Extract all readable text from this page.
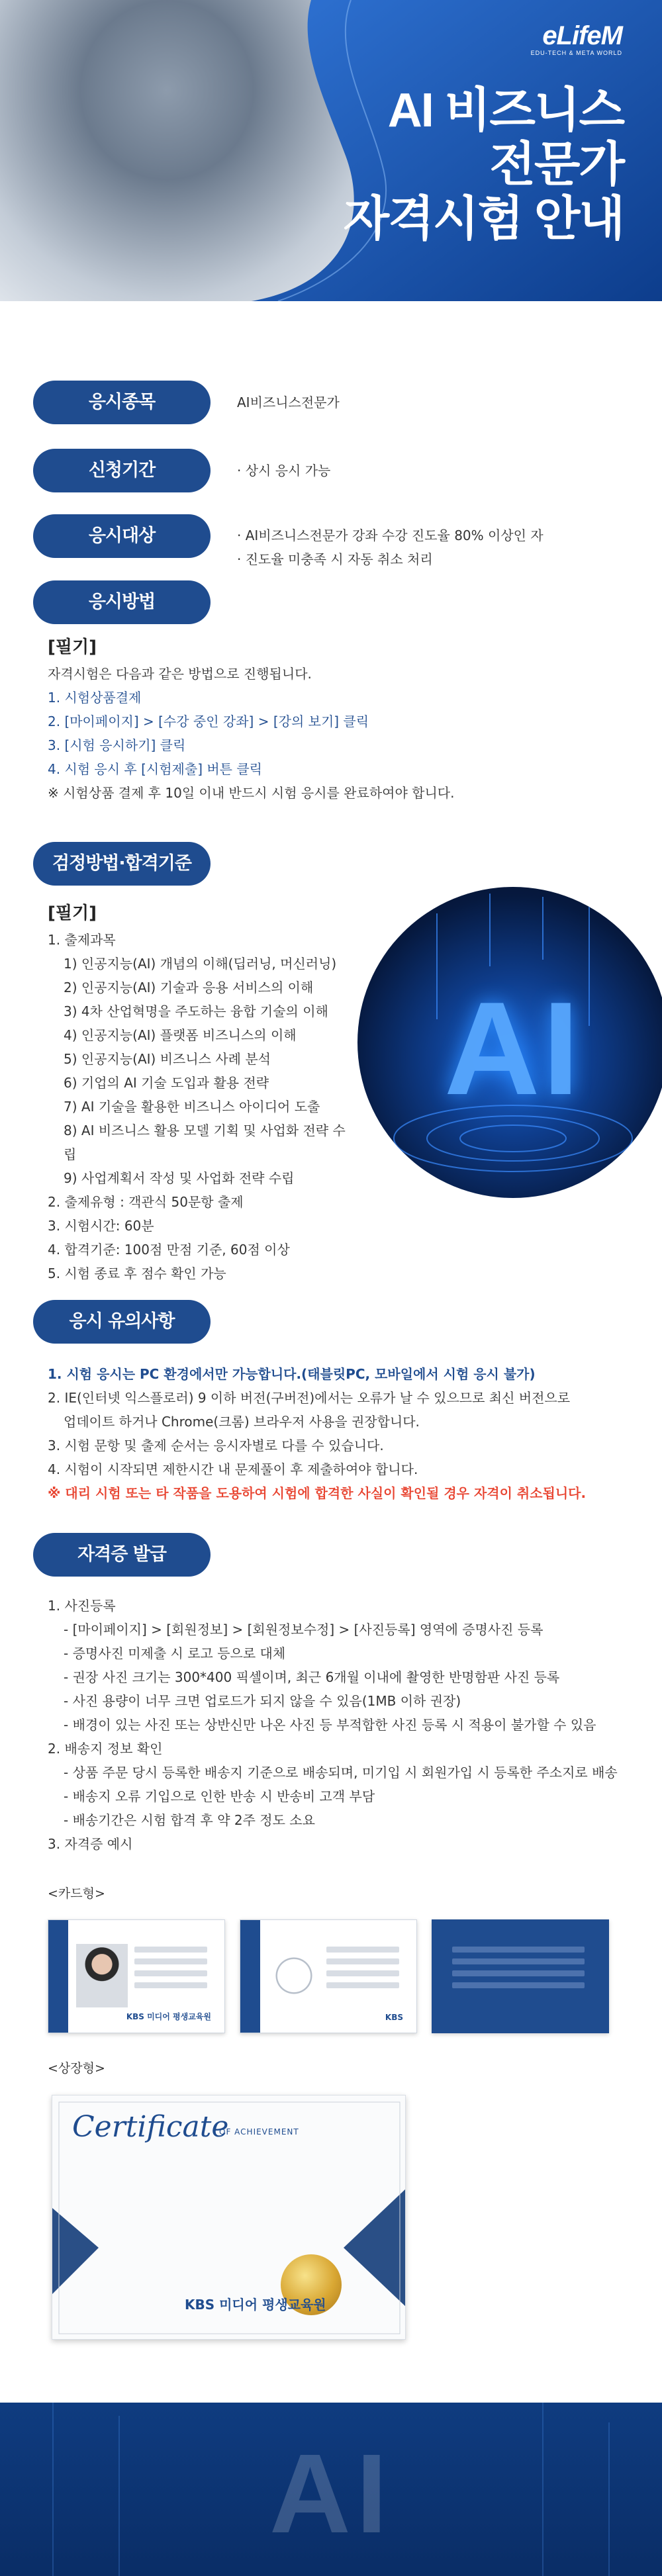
eLifeM
EDU-TECH & META WORLD
AI 비즈니스
전문가
자격시험 안내
응시종목	AI비즈니스전문가
신청기간	· 상시 응시 가능
응시대상	· AI비즈니스전문가 강좌 수강 진도율 80% 이상인 자
· 진도율 미충족 시 자동 취소 처리
응시방법
[필기]
자격시험은 다음과 같은 방법으로 진행됩니다.
1. 시험상품결제
2. [마이페이지] > [수강 중인 강좌] > [강의 보기] 클릭
3. [시험 응시하기] 클릭
4. 시험 응시 후 [시험제출] 버튼 클릭
※ 시험상품 결제 후 10일 이내 반드시 시험 응시를 완료하여야 합니다.
검정방법·합격기준
AI
[필기]
1. 출제과목
1) 인공지능(AI) 개념의 이해(딥러닝, 머신러닝)
2) 인공지능(AI) 기술과 응용 서비스의 이해
3) 4차 산업혁명을 주도하는 융합 기술의 이해
4) 인공지능(AI) 플랫폼 비즈니스의 이해
5) 인공지능(AI) 비즈니스 사례 분석
6) 기업의 AI 기술 도입과 활용 전략
7) AI 기술을 활용한 비즈니스 아이디어 도출
8) AI 비즈니스 활용 모델 기획 및 사업화 전략 수립
9) 사업계획서 작성 및 사업화 전략 수립
2. 출제유형 : 객관식 50문항 출제
3. 시험시간: 60분
4. 합격기준: 100점 만점 기준, 60점 이상
5. 시험 종료 후 점수 확인 가능
응시 유의사항
1. 시험 응시는 PC 환경에서만 가능합니다.(태블릿PC, 모바일에서 시험 응시 불가)
2. IE(인터넷 익스플로러) 9 이하 버전(구버전)에서는 오류가 날 수 있으므로 최신 버전으로
업데이트 하거나 Chrome(크롬) 브라우저 사용을 권장합니다.
3. 시험 문항 및 출제 순서는 응시자별로 다를 수 있습니다.
4. 시험이 시작되면 제한시간 내 문제풀이 후 제출하여야 합니다.
※ 대리 시험 또는 타 작품을 도용하여 시험에 합격한 사실이 확인될 경우 자격이 취소됩니다.
자격증 발급
1. 사진등록
- [마이페이지] > [회원정보] > [회원정보수정] > [사진등록] 영역에 증명사진 등록
- 증명사진 미제출 시 로고 등으로 대체
- 권장 사진 크기는 300*400 픽셀이며, 최근 6개월 이내에 촬영한 반명함판 사진 등록
- 사진 용량이 너무 크면 업로드가 되지 않을 수 있음(1MB 이하 권장)
- 배경이 있는 사진 또는 상반신만 나온 사진 등 부적합한 사진 등록 시 적용이 불가할 수 있음
2. 배송지 정보 확인
- 상품 주문 당시 등록한 배송지 기준으로 배송되며, 미기입 시 회원가입 시 등록한 주소지로 배송
- 배송지 오류 기입으로 인한 반송 시 반송비 고객 부담
- 배송기간은 시험 합격 후 약 2주 정도 소요
3. 자격증 예시
<카드형>
KBS 미디어 평생교육원	KBS
<상장형>
Certificate
OF ACHIEVEMENT
KBS 미디어 평생교육원
AI
